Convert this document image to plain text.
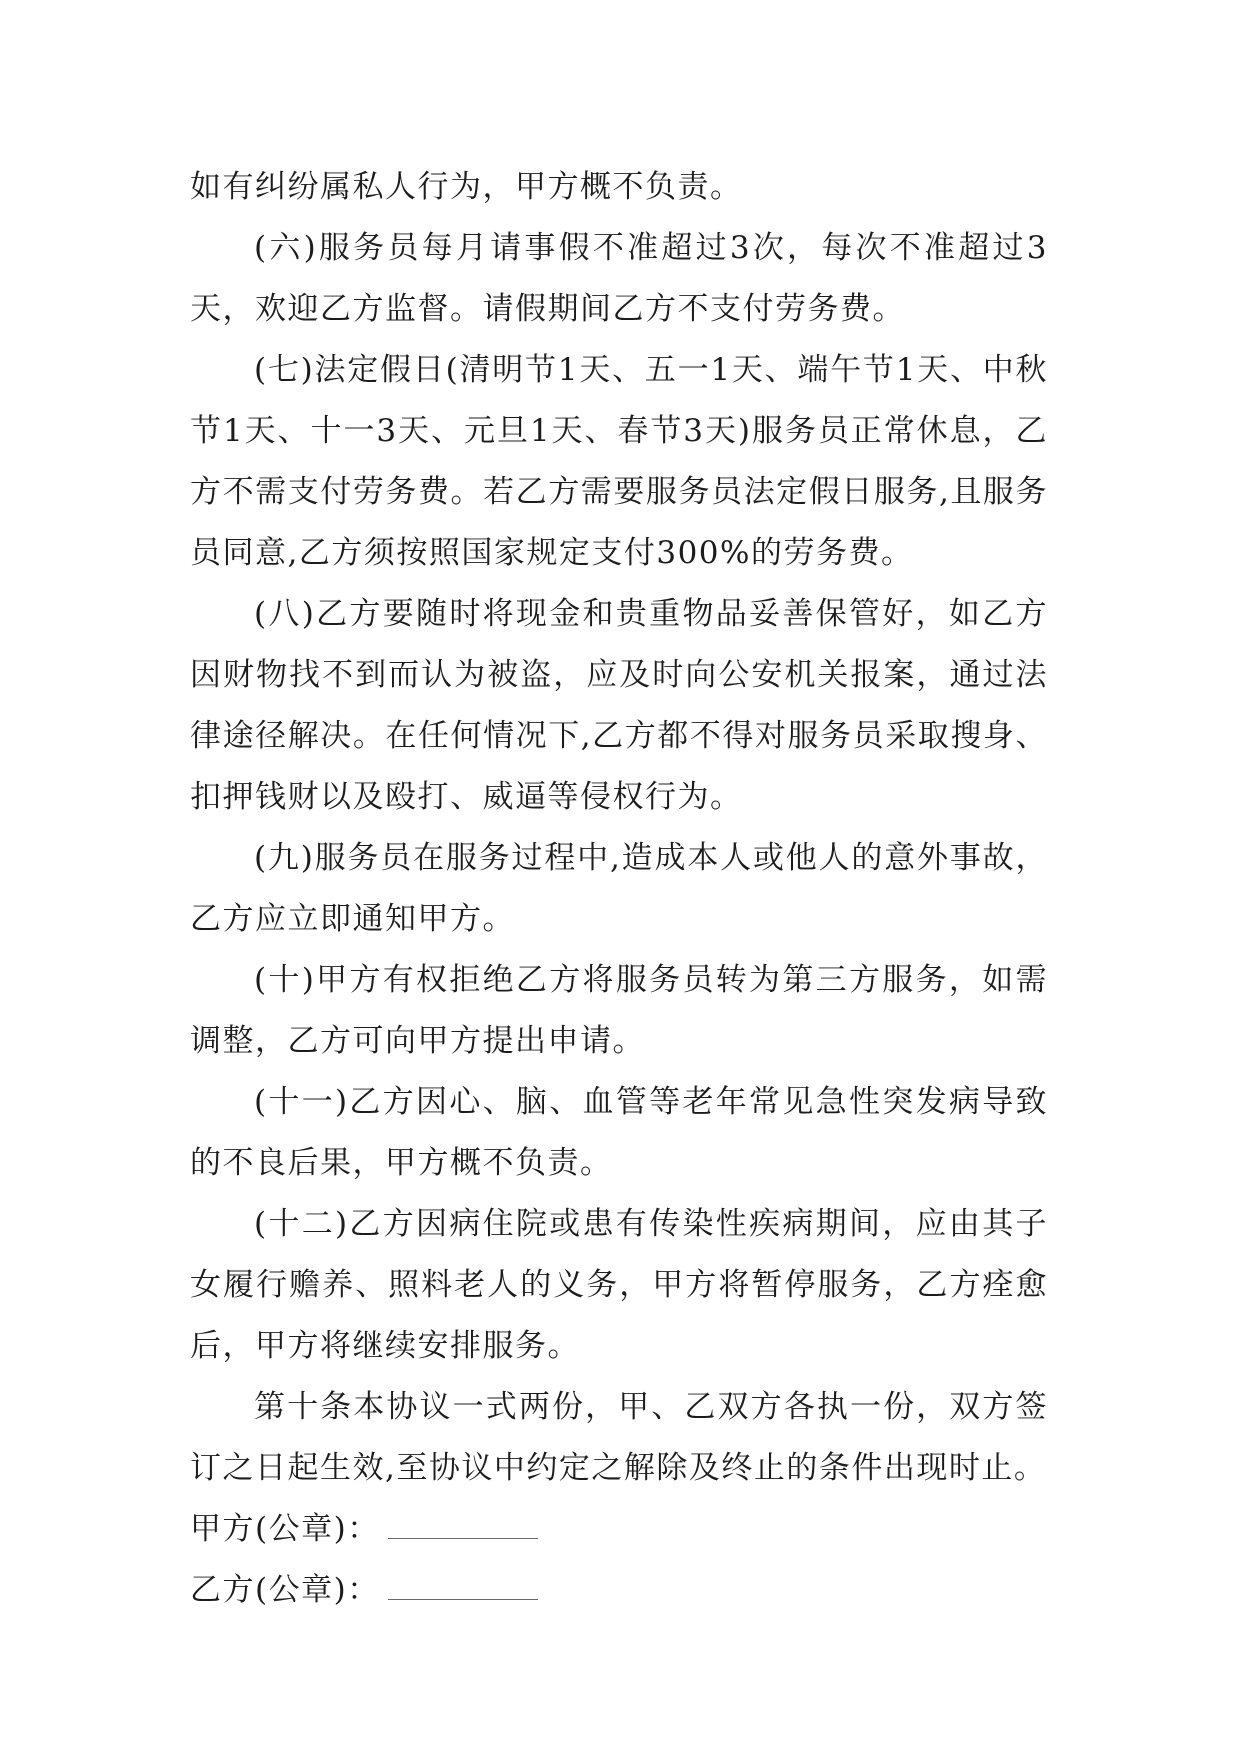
如有纠纷属私人行为，甲方概不负责。

(六)服务员每月请事假不准超过3次，每次不准超过3天，欢迎乙方监督。请假期间乙方不支付劳务费。

(七)法定假日(清明节1天、五一1天、端午节1天、中秋节1天、十一3天、元旦1天、春节3天)服务员正常休息，乙方不需支付劳务费。若乙方需要服务员法定假日服务,且服务员同意,乙方须按照国家规定支付300%的劳务费。

(八)乙方要随时将现金和贵重物品妥善保管好，如乙方因财物找不到而认为被盗，应及时向公安机关报案，通过法律途径解决。在任何情况下,乙方都不得对服务员采取搜身、扣押钱财以及殴打、威逼等侵权行为。

(九)服务员在服务过程中,造成本人或他人的意外事故，乙方应立即通知甲方。

(十)甲方有权拒绝乙方将服务员转为第三方服务，如需调整，乙方可向甲方提出申请。

(十一)乙方因心、脑、血管等老年常见急性突发病导致的不良后果，甲方概不负责。

(十二)乙方因病住院或患有传染性疾病期间，应由其子女履行赡养、照料老人的义务，甲方将暂停服务，乙方痊愈后，甲方将继续安排服务。

第十条本协议一式两份，甲、乙双方各执一份，双方签订之日起生效,至协议中约定之解除及终止的条件出现时止。

甲方(公章)：

乙方(公章)：
